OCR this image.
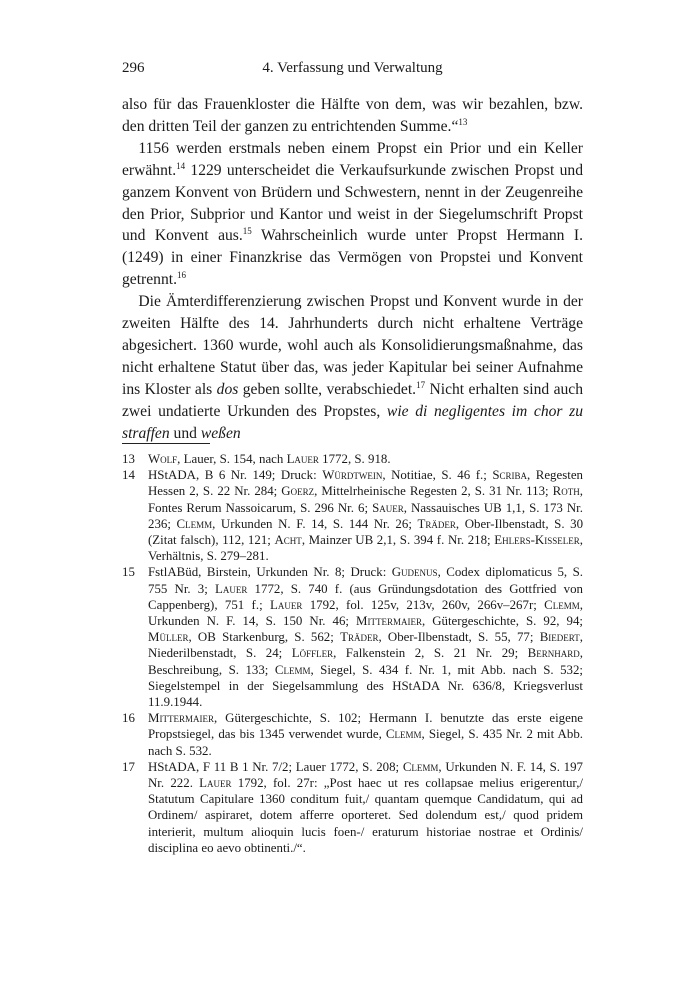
296	4. Verfassung und Verwaltung

also für das Frauenkloster die Hälfte von dem, was wir bezahlen, bzw. den dritten Teil der ganzen zu entrichtenden Summe.“$^{13}$

1156 werden erstmals neben einem Propst ein Prior und ein Keller erwähnt.$^{14}$ 1229 unterscheidet die Verkaufsurkunde zwischen Propst und ganzem Konvent von Brüdern und Schwestern, nennt in der Zeugenreihe den Prior, Subprior und Kantor und weist in der Siegelumschrift Propst und Konvent aus.$^{15}$ Wahrscheinlich wurde unter Propst Hermann I. (1249) in einer Finanzkrise das Vermögen von Propstei und Konvent getrennt.$^{16}$

Die Ämterdifferenzierung zwischen Propst und Konvent wurde in der zweiten Hälfte des 14. Jahrhunderts durch nicht erhaltene Verträge abgesichert. 1360 wurde, wohl auch als Konsolidierungsmaßnahme, das nicht erhaltene Statut über das, was jeder Kapitular bei seiner Aufnahme ins Kloster als dos geben sollte, verabschiedet.$^{17}$ Nicht erhalten sind auch zwei undatierte Urkunden des Propstes, wie di negligentes im chor zu straffen und weßen

13 Wolf, Lauer, S. 154, nach Lauer 1772, S. 918.
14 HStADA, B 6 Nr. 149; Druck: Würdtwein, Notitiae, S. 46 f.; Scriba, Regesten Hessen 2, S. 22 Nr. 284; Goerz, Mittelrheinische Regesten 2, S. 31 Nr. 113; Roth, Fontes Rerum Nassoicarum, S. 296 Nr. 6; Sauer, Nassauisches UB 1,1, S. 173 Nr. 236; Clemm, Urkunden N. F. 14, S. 144 Nr. 26; Träder, Ober-Ilbenstadt, S. 30 (Zitat falsch), 112, 121; Acht, Mainzer UB 2,1, S. 394 f. Nr. 218; Ehlers-Kisseler, Verhältnis, S. 279–281.
15 FstlABüd, Birstein, Urkunden Nr. 8; Druck: Gudenus, Codex diplomaticus 5, S. 755 Nr. 3; Lauer 1772, S. 740 f. (aus Gründungsdotation des Gottfried von Cappenberg), 751 f.; Lauer 1792, fol. 125v, 213v, 260v, 266v–267r; Clemm, Urkunden N. F. 14, S. 150 Nr. 46; Mittermaier, Gütergeschichte, S. 92, 94; Müller, OB Starkenburg, S. 562; Träder, Ober-Ilbenstadt, S. 55, 77; Biedert, Niederilbenstadt, S. 24; Löffler, Falkenstein 2, S. 21 Nr. 29; Bernhard, Beschreibung, S. 133; Clemm, Siegel, S. 434 f. Nr. 1, mit Abb. nach S. 532; Siegelstempel in der Siegelsammlung des HStADA Nr. 636/8, Kriegsverlust 11.9.1944.
16 Mittermaier, Gütergeschichte, S. 102; Hermann I. benutzte das erste eigene Propstsiegel, das bis 1345 verwendet wurde, Clemm, Siegel, S. 435 Nr. 2 mit Abb. nach S. 532.
17 HStADA, F 11 B 1 Nr. 7/2; Lauer 1772, S. 208; Clemm, Urkunden N. F. 14, S. 197 Nr. 222. Lauer 1792, fol. 27r: „Post haec ut res collapsae melius erigerentur,/ Statutum Capitulare 1360 conditum fuit,/ quantam quemque Candidatum, qui ad Ordinem/ aspiraret, dotem afferre oporteret. Sed dolendum est,/ quod pridem interierit, multum alioquin lucis foen-/ eraturum historiae nostrae et Ordinis/ disciplina eo aevo obtinenti./“.
